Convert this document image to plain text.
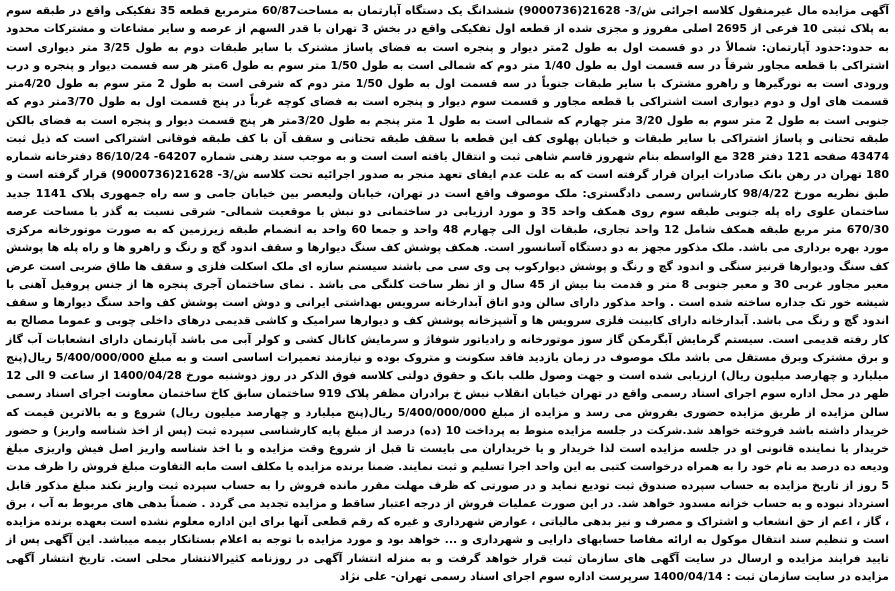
آگهی مزایده مال غیرمنقول کلاسه اجرائی ش/3- 21628(9000736) ششدانگ یک دستگاه آپارتمان به مساحت60/87 مترمربع قطعه 35 تفکیکی واقع در طبقه سوم به پلاک ثبتی 10 فرعی از 2695 اصلی مفروز و مجزی شده از قطعه اول تفکیکی واقع در بخش 3 تهران با قدر السهم از عرصه و سایر مشاعات و مشترکات محدود به حدود:حدود آپارتمان: شمالاً در دو قسمت اول به طول 2متر دیوار و پنجره است به فضای پاساژ مشترک با سایر طبقات دوم به طول 3/25 متر دیواری است اشتراکی با قطعه مجاور شرقاً در سه قسمت اول به طول 1/40 متر دوم که شمالی است به طول 1/50 متر سوم به طول 6متر هر سه قسمت دیوار و پنجره و درب ورودی است به نورگیرها و راهرو مشترک با سایر طبقات جنوباً در سه قسمت اول به طول 1/50 متر دوم که شرقی است به طول 2 متر سوم به طول 4/20متر قسمت های اول و دوم دیواری است اشتراکی با قطعه مجاور و قسمت سوم دیوار و پنجره است به فضای کوچه غرباً در پنج قسمت اول به طول 3/70متر دوم که جنوبی است به طول 2 متر سوم به طول 3/20 متر چهارم که شمالی است به طول 1 متر پنجم به طول 3/20متر هر پنج قسمت دیوار و پنجره است به فضای بالکن طبقه تحتانی و پاساژ اشتراکی با سایر طبقات و خیابان پهلوی کف این قطعه با سقف طبقه تحتانی و سقف آن با کف طبقه فوقانی اشتراکی است که ذیل ثبت 43474 صفحه 121 دفتر 328 مع الواسطه بنام شهروز قاسم شاهی ثبت و انتقال یافته است است و به موجب سند رهنی شماره 64207- 86/10/24 دفترخانه شماره 180 تهران در رهن بانک صادرات ایران قرار گرفته است که به علت عدم ایفای تعهد منجر به صدور اجرائیه تحت کلاسه ش/3- 21628(9000736) قرار گرفته است و طبق نظریه مورخ 98/4/22 کارشناس رسمی دادگستری: ملک موصوف واقع است در تهران، خیابان ولیعصر بین خیابان جامی و سه راه جمهوری پلاک 1141 جدید ساختمان علوی راه پله جنوبی طبقه سوم روی همکف واحد 35 و مورد ارزیابی در ساختمانی دو نبش با موقعیت شمالی- شرقی نسبت به گذر با مساحت عرصه 670/30 متر مربع طبقه همکف شامل 12 واحد تجاری، طبقات اول الی چهارم 48 واحد و جمعا 60 واحد به انضمام طبقه زیرزمین که به صورت موتورخانه مرکزی مورد بهره برداری می باشد. ملک مذکور مجهز به دو دستگاه آسانسور است. همکف پوشش کف سنگ دیوارها و سقف اندود گچ و رنگ و راهرو ها و راه پله ها پوشش کف سنگ ودیوارها قرنیز سنگی و اندود گچ و رنگ و پوشش دیوارکوب پی وی سی می باشند سیستم سازه ای ملک اسکلت فلزی و سقف ها طاق ضربی است عرض معبر مجاور غربی 30 و معبر جنوبی 8 متر و قدمت بنا بیش از 45 سال و از نظر ساخت کلنگی می باشد . نمای ساختمان آجری پنجره ها از جنس پروفیل آهنی با شیشه خور تک جداره ساخته شده است . واحد مذکور دارای سالن ودو اتاق آبدارخانه سرویس بهداشتی ایرانی و دوش است پوشش کف واحد سنگ دیوارها و سقف اندود گچ و رنگ می باشد. آبدارخانه دارای کابینت فلزی سرویس ها و آشپزخانه پوشش کف و دیوارها سرامیک و کاشی قدیمی درهای داخلی چوبی و عموما مصالح به کار رفته قدیمی است. سیستم گرمایش آبگرمکن گاز سوز موتورخانه و رادیاتور شوفاژ و سرمایش کانال کشی و کولر آبی می باشد آپارتمان دارای انشعابات آب گاز و برق مشترک وبرق مستقل می باشد ملک موصوف در زمان بازدید فاقد سکونت و متروک بوده و نیازمند تعمیرات اساسی است و به مبلغ 5/400/000/000 ریال(پنج میلیارد و چهارصد میلیون ریال) ارزیابی شده است و جهت وصول طلب بانک و حقوق دولتی کلاسه فوق الذکر در روز دوشنبه مورخ 1400/04/28 از ساعت 9 الی 12 ظهر در محل اداره سوم اجرای اسناد رسمی واقع در تهران خیابان انقلاب نبش خ برادران مظفر پلاک 919 ساختمان سابق کاخ ساختمان معاونت اجرای اسناد رسمی سالن مزایده از طریق مزایده حضوری بفروش می رسد و مزایده از مبلغ 5/400/000/000 ریال(پنج میلیارد و چهارصد میلیون ریال) شروع و به بالاترین قیمت که خریدار داشته باشد فروخته خواهد شد.شرکت در جلسه مزایده منوط به پرداخت 10 (ده) درصد از مبلغ پایه کارشناسی سپرده ثبت (پس از اخذ شناسه واریز) و حضور خریدار یا نماینده قانونی او در جلسه مزایده است لذا خریدار و یا خریداران می بایست تا قبل از شروع وقت مزایده و با اخذ شناسه واریز اصل فیش واریزی مبلغ ودیعه ده درصد به نام خود را به همراه درخواست کتبی به این واحد اجرا تسلیم و ثبت نمایند. ضمنا برنده مزایده یا مکلف است مابه التفاوت مبلغ فروش را ظرف مدت 5 روز از تاریخ مزایده به حساب سپرده صندوق ثبت تودیع نماید و در صورتی که ظرف مهلت مقرر مانده فروش را به حساب سپرده ثبت واریز نکند مبلغ مذکور قابل استرداد نبوده و به حساب خزانه مسدود خواهد شد. در این صورت عملیات فروش از درجه اعتبار ساقط و مزایده تجدید می گردد . ضمناً بدهی های مربوط به آب ، برق ، گاز ، اعم از حق انشعاب و اشتراک و مصرف و نیز بدهی مالیاتی ، عوارض شهرداری و غیره که رقم قطعی آنها برای این اداره معلوم نشده است بعهده برنده مزایده است و تنظیم سند انتقال موکول به ارائه مفاصا حسابهای دارایی و شهرداری و ... خواهد بود و مورد مزایده با توجه به اعلام بستانکار بیمه میباشد. این آگهی پس از تایید فرایند مزایده و ارسال در سایت آگهی های سازمان ثبت قرار خواهد گرفت و به منزله انتشار آگهی در روزنامه کثیرالانتشار محلی است. تاریخ انتشار آگهی مزایده در سایت سازمان ثبت : 1400/04/14 سرپرست اداره سوم اجرای اسناد رسمی تهران- علی نژاد
